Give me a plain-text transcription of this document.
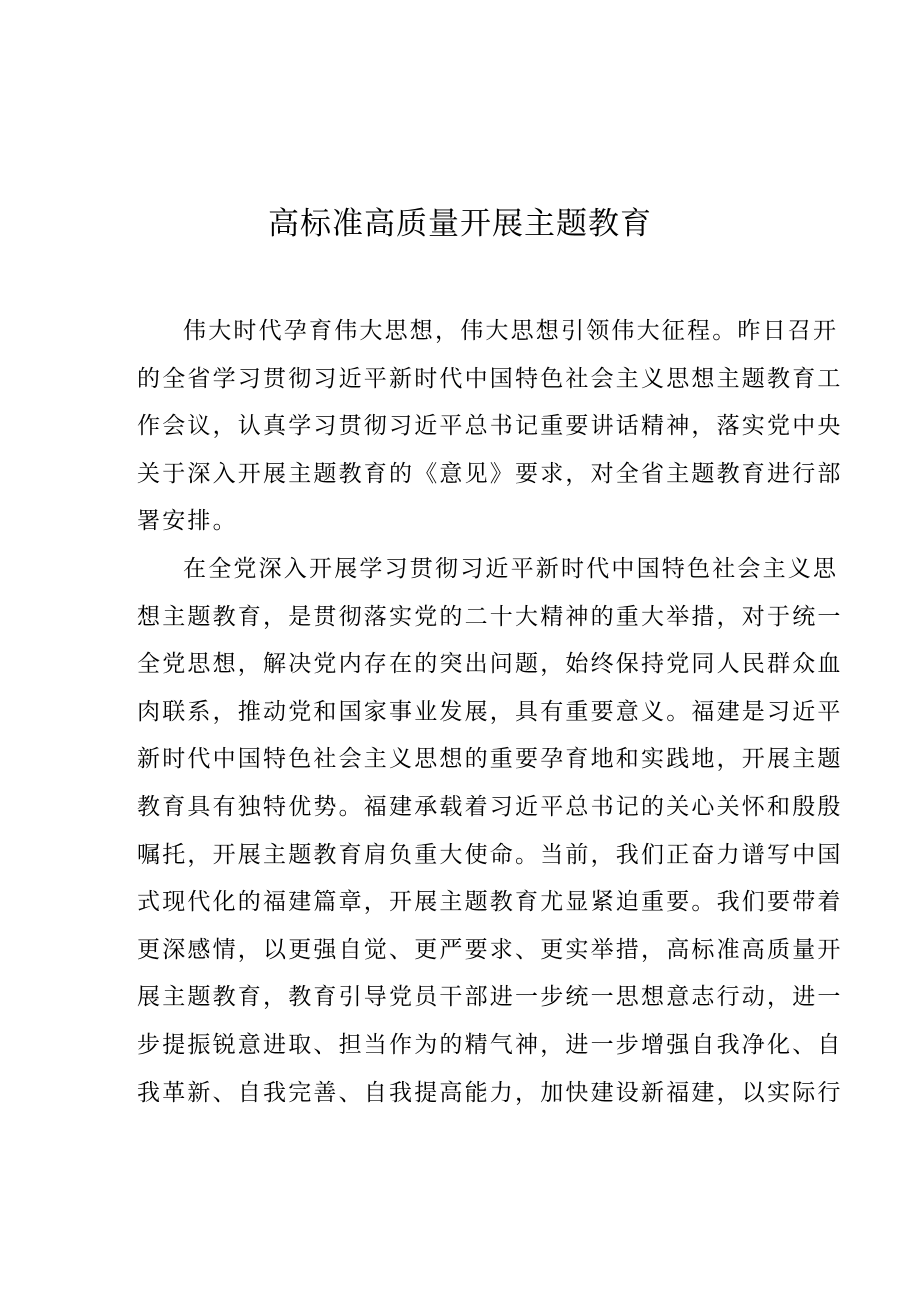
高标准高质量开展主题教育

伟大时代孕育伟大思想，伟大思想引领伟大征程。昨日召开
的全省学习贯彻习近平新时代中国特色社会主义思想主题教育工
作会议，认真学习贯彻习近平总书记重要讲话精神，落实党中央
关于深入开展主题教育的《意见》要求，对全省主题教育进行部
署安排。

在全党深入开展学习贯彻习近平新时代中国特色社会主义思
想主题教育，是贯彻落实党的二十大精神的重大举措，对于统一
全党思想，解决党内存在的突出问题，始终保持党同人民群众血
肉联系，推动党和国家事业发展，具有重要意义。福建是习近平
新时代中国特色社会主义思想的重要孕育地和实践地，开展主题
教育具有独特优势。福建承载着习近平总书记的关心关怀和殷殷
嘱托，开展主题教育肩负重大使命。当前，我们正奋力谱写中国
式现代化的福建篇章，开展主题教育尤显紧迫重要。我们要带着
更深感情，以更强自觉、更严要求、更实举措，高标准高质量开
展主题教育，教育引导党员干部进一步统一思想意志行动，进一
步提振锐意进取、担当作为的精气神，进一步增强自我净化、自
我革新、自我完善、自我提高能力，加快建设新福建，以实际行
